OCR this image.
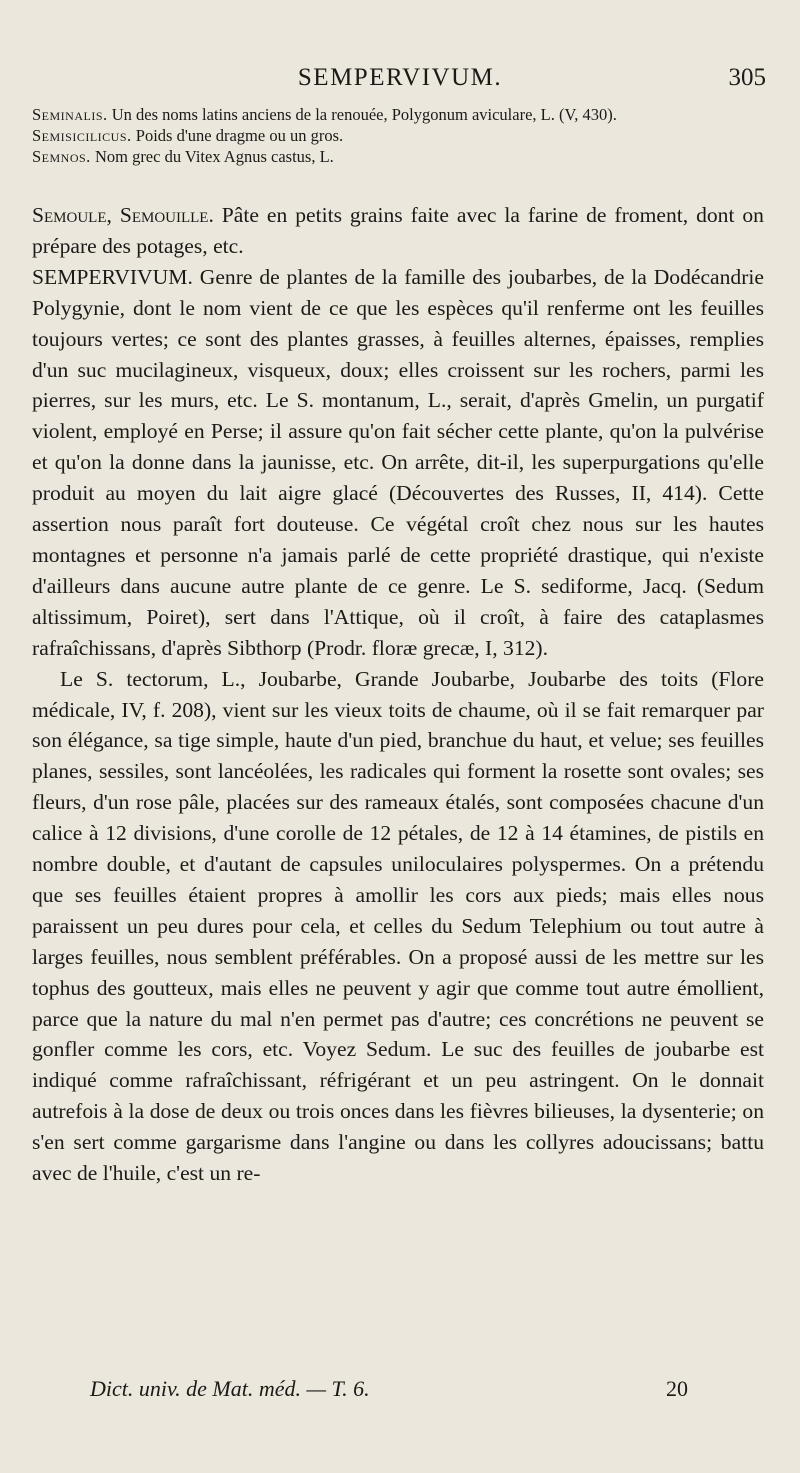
SEMPERVIVUM.	305

Seminalis. Un des noms latins anciens de la renouée, Polygonum aviculare, L. (V, 430).

Semisicilicus. Poids d'une dragme ou un gros.

Semnos. Nom grec du Vitex Agnus castus, L.

Semoule, Semouille. Pâte en petits grains faite avec la farine de froment, dont on prépare des potages, etc.

SEMPERVIVUM. Genre de plantes de la famille des joubarbes, de la Dodécandrie Polygynie, dont le nom vient de ce que les espèces qu'il renferme ont les feuilles toujours vertes; ce sont des plantes grasses, à feuilles alternes, épaisses, remplies d'un suc mucilagineux, visqueux, doux; elles croissent sur les rochers, parmi les pierres, sur les murs, etc. Le S. montanum, L., serait, d'après Gmelin, un purgatif violent, employé en Perse; il assure qu'on fait sécher cette plante, qu'on la pulvérise et qu'on la donne dans la jaunisse, etc. On arrête, dit-il, les superpurgations qu'elle produit au moyen du lait aigre glacé (Découvertes des Russes, II, 414). Cette assertion nous paraît fort douteuse. Ce végétal croît chez nous sur les hautes montagnes et personne n'a jamais parlé de cette propriété drastique, qui n'existe d'ailleurs dans aucune autre plante de ce genre. Le S. sediforme, Jacq. (Sedum altissimum, Poiret), sert dans l'Attique, où il croît, à faire des cataplasmes rafraîchissans, d'après Sibthorp (Prodr. floræ grecæ, I, 312).

Le S. tectorum, L., Joubarbe, Grande Joubarbe, Joubarbe des toits (Flore médicale, IV, f. 208), vient sur les vieux toits de chaume, où il se fait remarquer par son élégance, sa tige simple, haute d'un pied, branchue du haut, et velue; ses feuilles planes, sessiles, sont lancéolées, les radicales qui forment la rosette sont ovales; ses fleurs, d'un rose pâle, placées sur des rameaux étalés, sont composées chacune d'un calice à 12 divisions, d'une corolle de 12 pétales, de 12 à 14 étamines, de pistils en nombre double, et d'autant de capsules uniloculaires polyspermes. On a prétendu que ses feuilles étaient propres à amollir les cors aux pieds; mais elles nous paraissent un peu dures pour cela, et celles du Sedum Telephium ou tout autre à larges feuilles, nous semblent préférables. On a proposé aussi de les mettre sur les tophus des goutteux, mais elles ne peuvent y agir que comme tout autre émollient, parce que la nature du mal n'en permet pas d'autre; ces concrétions ne peuvent se gonfler comme les cors, etc. Voyez Sedum. Le suc des feuilles de joubarbe est indiqué comme rafraîchissant, réfrigérant et un peu astringent. On le donnait autrefois à la dose de deux ou trois onces dans les fièvres bilieuses, la dysenterie; on s'en sert comme gargarisme dans l'angine ou dans les collyres adoucissans; battu avec de l'huile, c'est un re-

Dict. univ. de Mat. méd. — T. 6.	20
